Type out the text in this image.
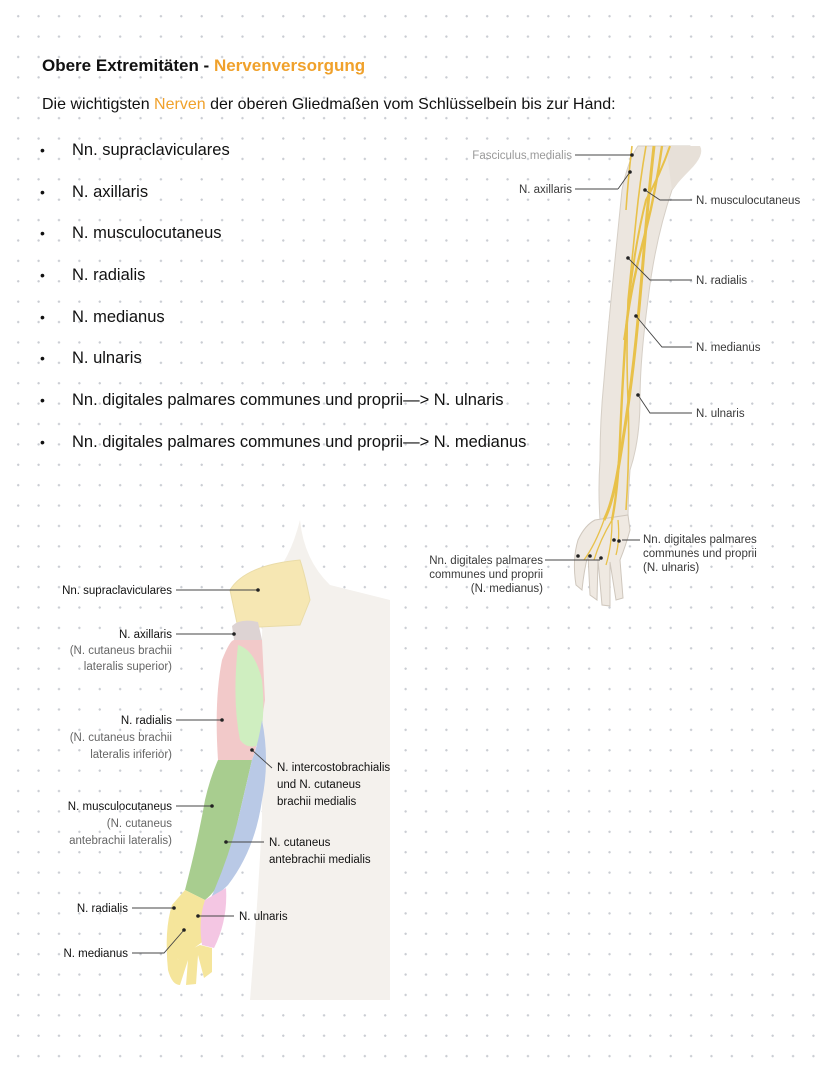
Obere Extremitäten - Nervenversorgung
Die wichtigsten Nerven der oberen Gliedmaßen vom Schlüsselbein bis zur Hand:
• Nn. supraclaviculares
• N. axillaris
• N. musculocutaneus
• N. radialis
• N. medianus
• N. ulnaris
• Nn. digitales palmares communes und proprii—> N. ulnaris
• Nn. digitales palmares communes und proprii—> N. medianus
Fasciculus medialis
N. axillaris
N. musculocutaneus
N. radialis
N. medianus
N. ulnaris
Nn. digitales palmares
communes und proprii
(N. ulnaris)
Nn. digitales palmares
communes und proprii
(N. medianus)
Nn. supraclaviculares
N. axillaris
(N. cutaneus brachii
lateralis superior)
N. radialis
(N. cutaneus brachii
lateralis inferior)
N. intercostobrachialis
und N. cutaneus
brachii medialis
N. musculocutaneus
(N. cutaneus
antebrachii lateralis)	N. cutaneus
antebrachii medialis
N. radialis
N. ulnaris
N. medianus
